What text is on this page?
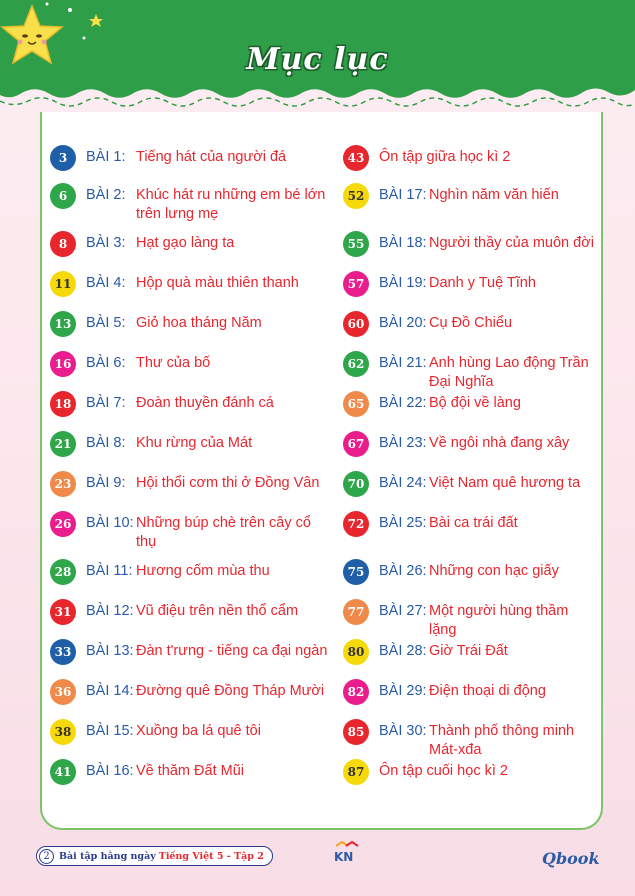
Mục lục
3	BÀI 1: Tiếng hát của người đá
6	BÀI 2: Khúc hát ru những em bé lớn
trên lưng mẹ
8	BÀI 3: Hạt gạo làng ta
11	BÀI 4: Hộp quà màu thiên thanh
13	BÀI 5: Giỏ hoa tháng Năm
16	BÀI 6: Thư của bố
18	BÀI 7: Đoàn thuyền đánh cá
21	BÀI 8: Khu rừng của Mát
23	BÀI 9: Hội thổi cơm thi ở Đồng Vân
26	BÀI 10: Những búp chè trên cây cổ
thụ
28	BÀI 11: Hương cốm mùa thu
31	BÀI 12: Vũ điệu trên nền thổ cẩm
33	BÀI 13: Đàn t'rưng - tiếng ca đại ngàn
36	BÀI 14: Đường quê Đồng Tháp Mười
38	BÀI 15: Xuồng ba lá quê tôi
41	BÀI 16: Về thăm Đất Mũi
43	Ôn tập giữa học kì 2
52	BÀI 17: Nghìn năm văn hiến
55	BÀI 18: Người thầy của muôn đời
57	BÀI 19: Danh y Tuệ Tĩnh
60	BÀI 20: Cụ Đồ Chiểu
62	BÀI 21: Anh hùng Lao động Trần
Đại Nghĩa
65	BÀI 22: Bộ đội về làng
67	BÀI 23: Về ngôi nhà đang xây
70	BÀI 24: Việt Nam quê hương ta
72	BÀI 25: Bài ca trái đất
75	BÀI 26: Những con hạc giấy
77	BÀI 27: Một người hùng thầm
lặng
80	BÀI 28: Giờ Trái Đất
82	BÀI 29: Điện thoại di động
85	BÀI 30: Thành phố thông minh
Mát-xđa
87	Ôn tập cuối học kì 2
2 Bài tập hằng ngày Tiếng Việt 5 - Tập 2	KN	Qbook
